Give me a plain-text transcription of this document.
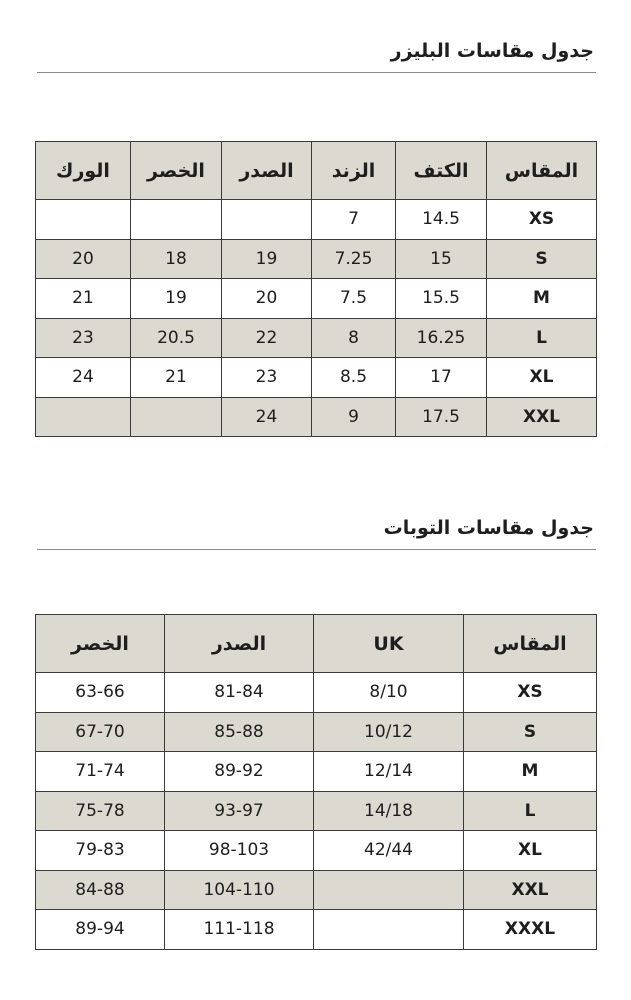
جدول مقاسات البليزر
المقاس	الكتف	الزند	الصدر	الخصر	الورك
XS	14.5	7			
S	15	7.25	19	18	20
M	15.5	7.5	20	19	21
L	16.25	8	22	20.5	23
XL	17	8.5	23	21	24
XXL	17.5	9	24		
جدول مقاسات التوبات
المقاس	UK	الصدر	الخصر
XS	8/10	81-84	63-66
S	10/12	85-88	67-70
M	12/14	89-92	71-74
L	14/18	93-97	75-78
XL	42/44	98-103	79-83
XXL		104-110	84-88
XXXL		111-118	89-94
